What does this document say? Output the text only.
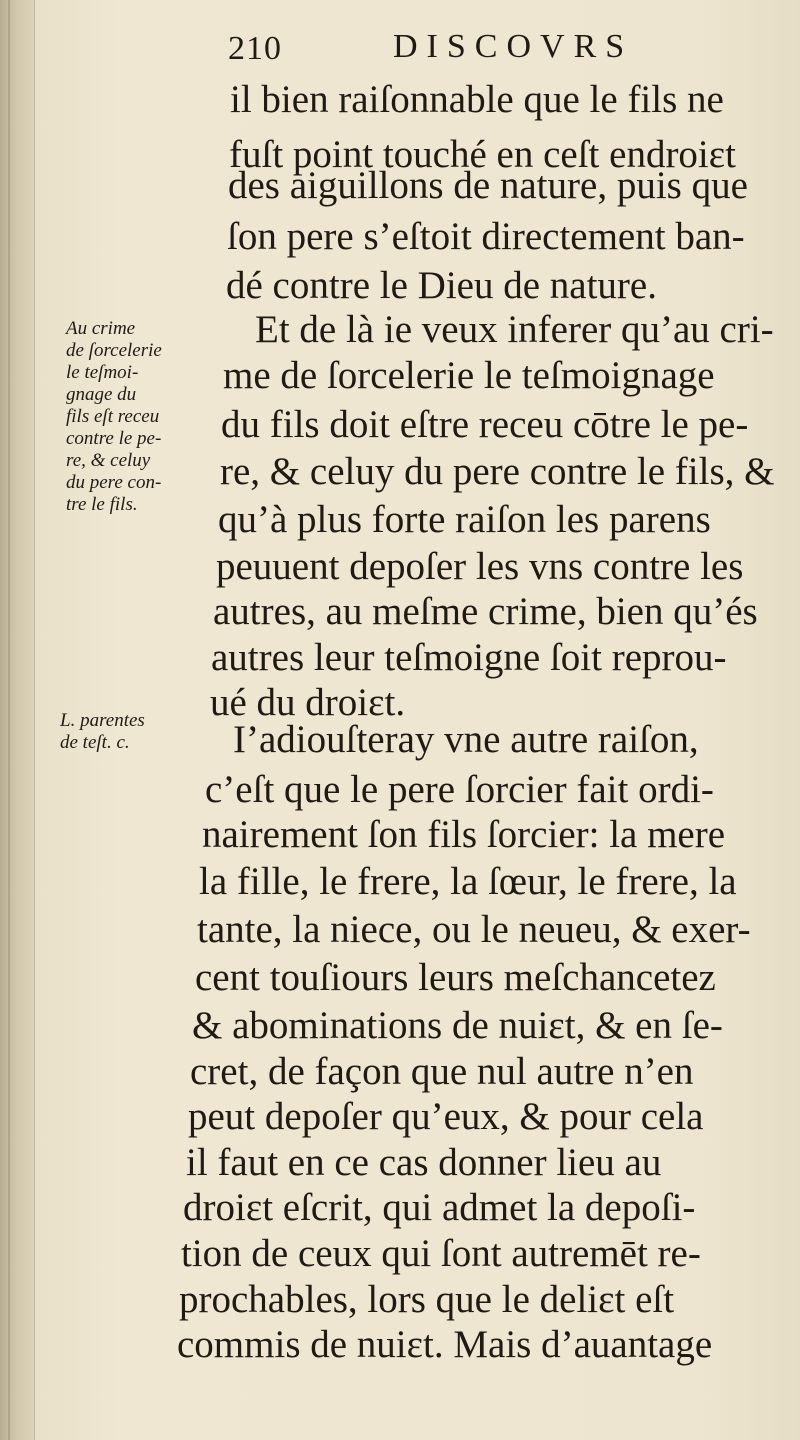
210	DISCOVRS
il bien raiſonnable que le fils ne
fuſt point touché en ceſt endroiɛt
des aiguillons de nature, puis que
ſon pere s’eſtoit directement ban-
dé contre le Dieu de nature.
Et de là ie veux inferer qu’au cri-
me de ſorcelerie le teſmoignage
du fils doit eſtre receu cōtre le pe-
re, & celuy du pere contre le fils, &
qu’à plus forte raiſon les parens
peuuent depoſer les vns contre les
autres, au meſme crime, bien qu’és
autres leur teſmoigne ſoit reprou-
ué du droiɛt.
I’adiouſteray vne autre raiſon,
c’eſt que le pere ſorcier fait ordi-
nairement ſon fils ſorcier: la mere
la fille, le frere, la ſœur, le frere, la
tante, la niece, ou le neueu, & exer-
cent touſiours leurs meſchancetez
& abominations de nuiɛt, & en ſe-
cret, de façon que nul autre n’en
peut depoſer qu’eux, & pour cela
il faut en ce cas donner lieu au
droiɛt eſcrit, qui admet la depoſi-
tion de ceux qui ſont autremēt re-
prochables, lors que le deliɛt eſt
commis de nuiɛt. Mais d’auantage
Au crime
de ſorcelerie
le teſmoi-
gnage du
fils eſt receu
contre le pe-
re, & celuy
du pere con-
tre le fils.
L. parentes
de teſt. c.
